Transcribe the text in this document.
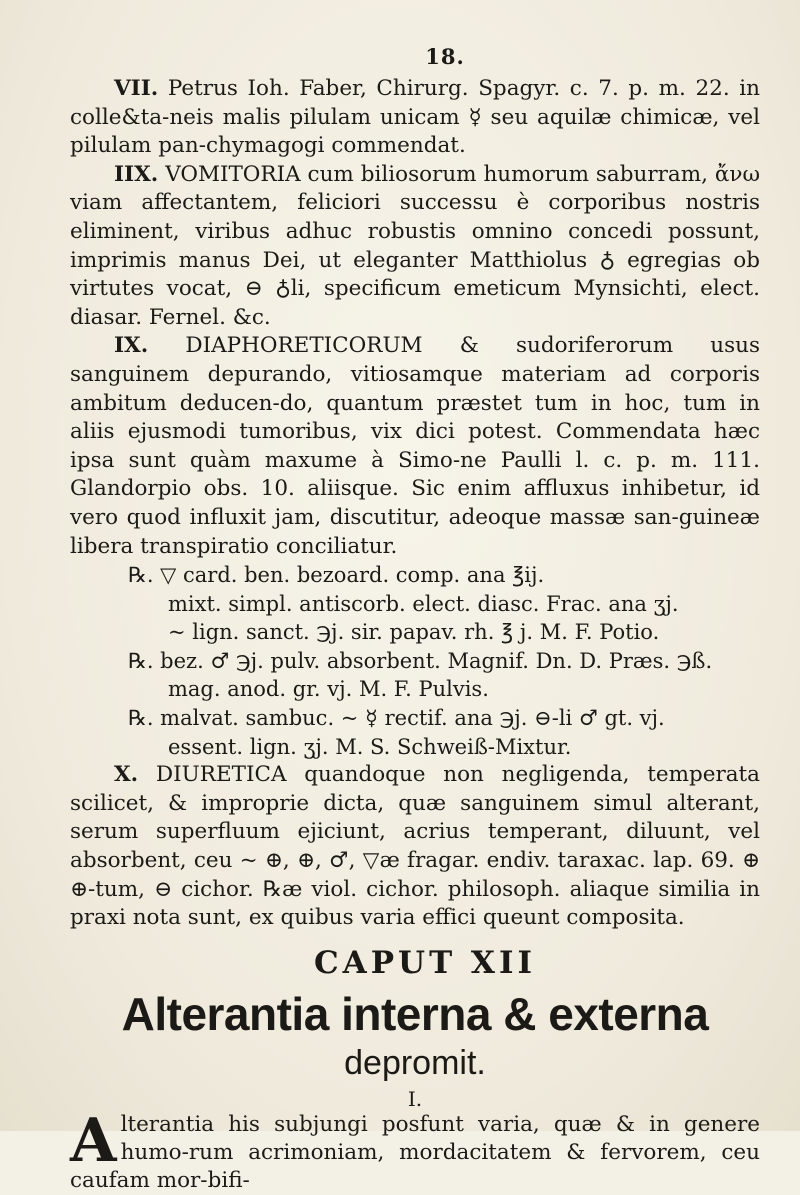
18.

VII. Petrus Ioh. Faber, Chirurg. Spagyr. c. 7. p. m. 22. in colle&ta-neis malis pilulam unicam ☿ seu aquilæ chimicæ, vel pilulam pan-chymagogi commendat.

IIX. VOMITORIA cum biliosorum humorum saburram, ἄνω viam affectantem, feliciori successu è corporibus nostris eliminent, viribus adhuc robustis omnino concedi possunt, imprimis manus Dei, ut eleganter Matthiolus ♁ egregias ob virtutes vocat, ⊖ ♁li, specificum emeticum Mynsichti, elect. diasar. Fernel. &c.

IX. DIAPHORETICORUM & sudoriferorum usus sanguinem depurando, vitiosamque materiam ad corporis ambitum deducen-do, quantum præstet tum in hoc, tum in aliis ejusmodi tumoribus, vix dici potest. Commendata hæc ipsa sunt quàm maxume à Simo-ne Paulli l. c. p. m. 111. Glandorpio obs. 10. aliisque. Sic enim affluxus inhibetur, id vero quod influxit jam, discutitur, adeoque massæ san-guineæ libera transpiratio conciliatur.

℞. ▽ card. ben. bezoard. comp. ana ℥ij.
mixt. simpl. antiscorb. elect. diasc. Frac. ana ʒj.
~ lign. sanct. ℈j. sir. papav. rh. ℥ j. M. F. Potio.
℞. bez. ♂ ℈j. pulv. absorbent. Magnif. Dn. D. Præs. ℈ß.
mag. anod. gr. vj. M. F. Pulvis.
℞. malvat. sambuc. ~ ☿ rectif. ana ℈j. ⊖-li ♂ gt. vj.
essent. lign. ʒj. M. S. Schweiß-Mixtur.

X. DIURETICA quandoque non negligenda, temperata scilicet, & improprie dicta, quæ sanguinem simul alterant, serum superfluum ejiciunt, acrius temperant, diluunt, vel absorbent, ceu ~ ⊕, ⊕, ♂, ▽æ fragar. endiv. taraxac. lap. 69. ⊕ ⊕-tum, ⊖ cichor. ℞æ viol. cichor. philosoph. aliaque similia in praxi nota sunt, ex quibus varia effici queunt composita.

CAPUT XII
Alterantia interna & externa
depromit.
I.
A lterantia his subjungi posfunt varia, quæ & in genere humo-rum acrimoniam, mordacitatem & fervorem, ceu caufam mor-bifi-
